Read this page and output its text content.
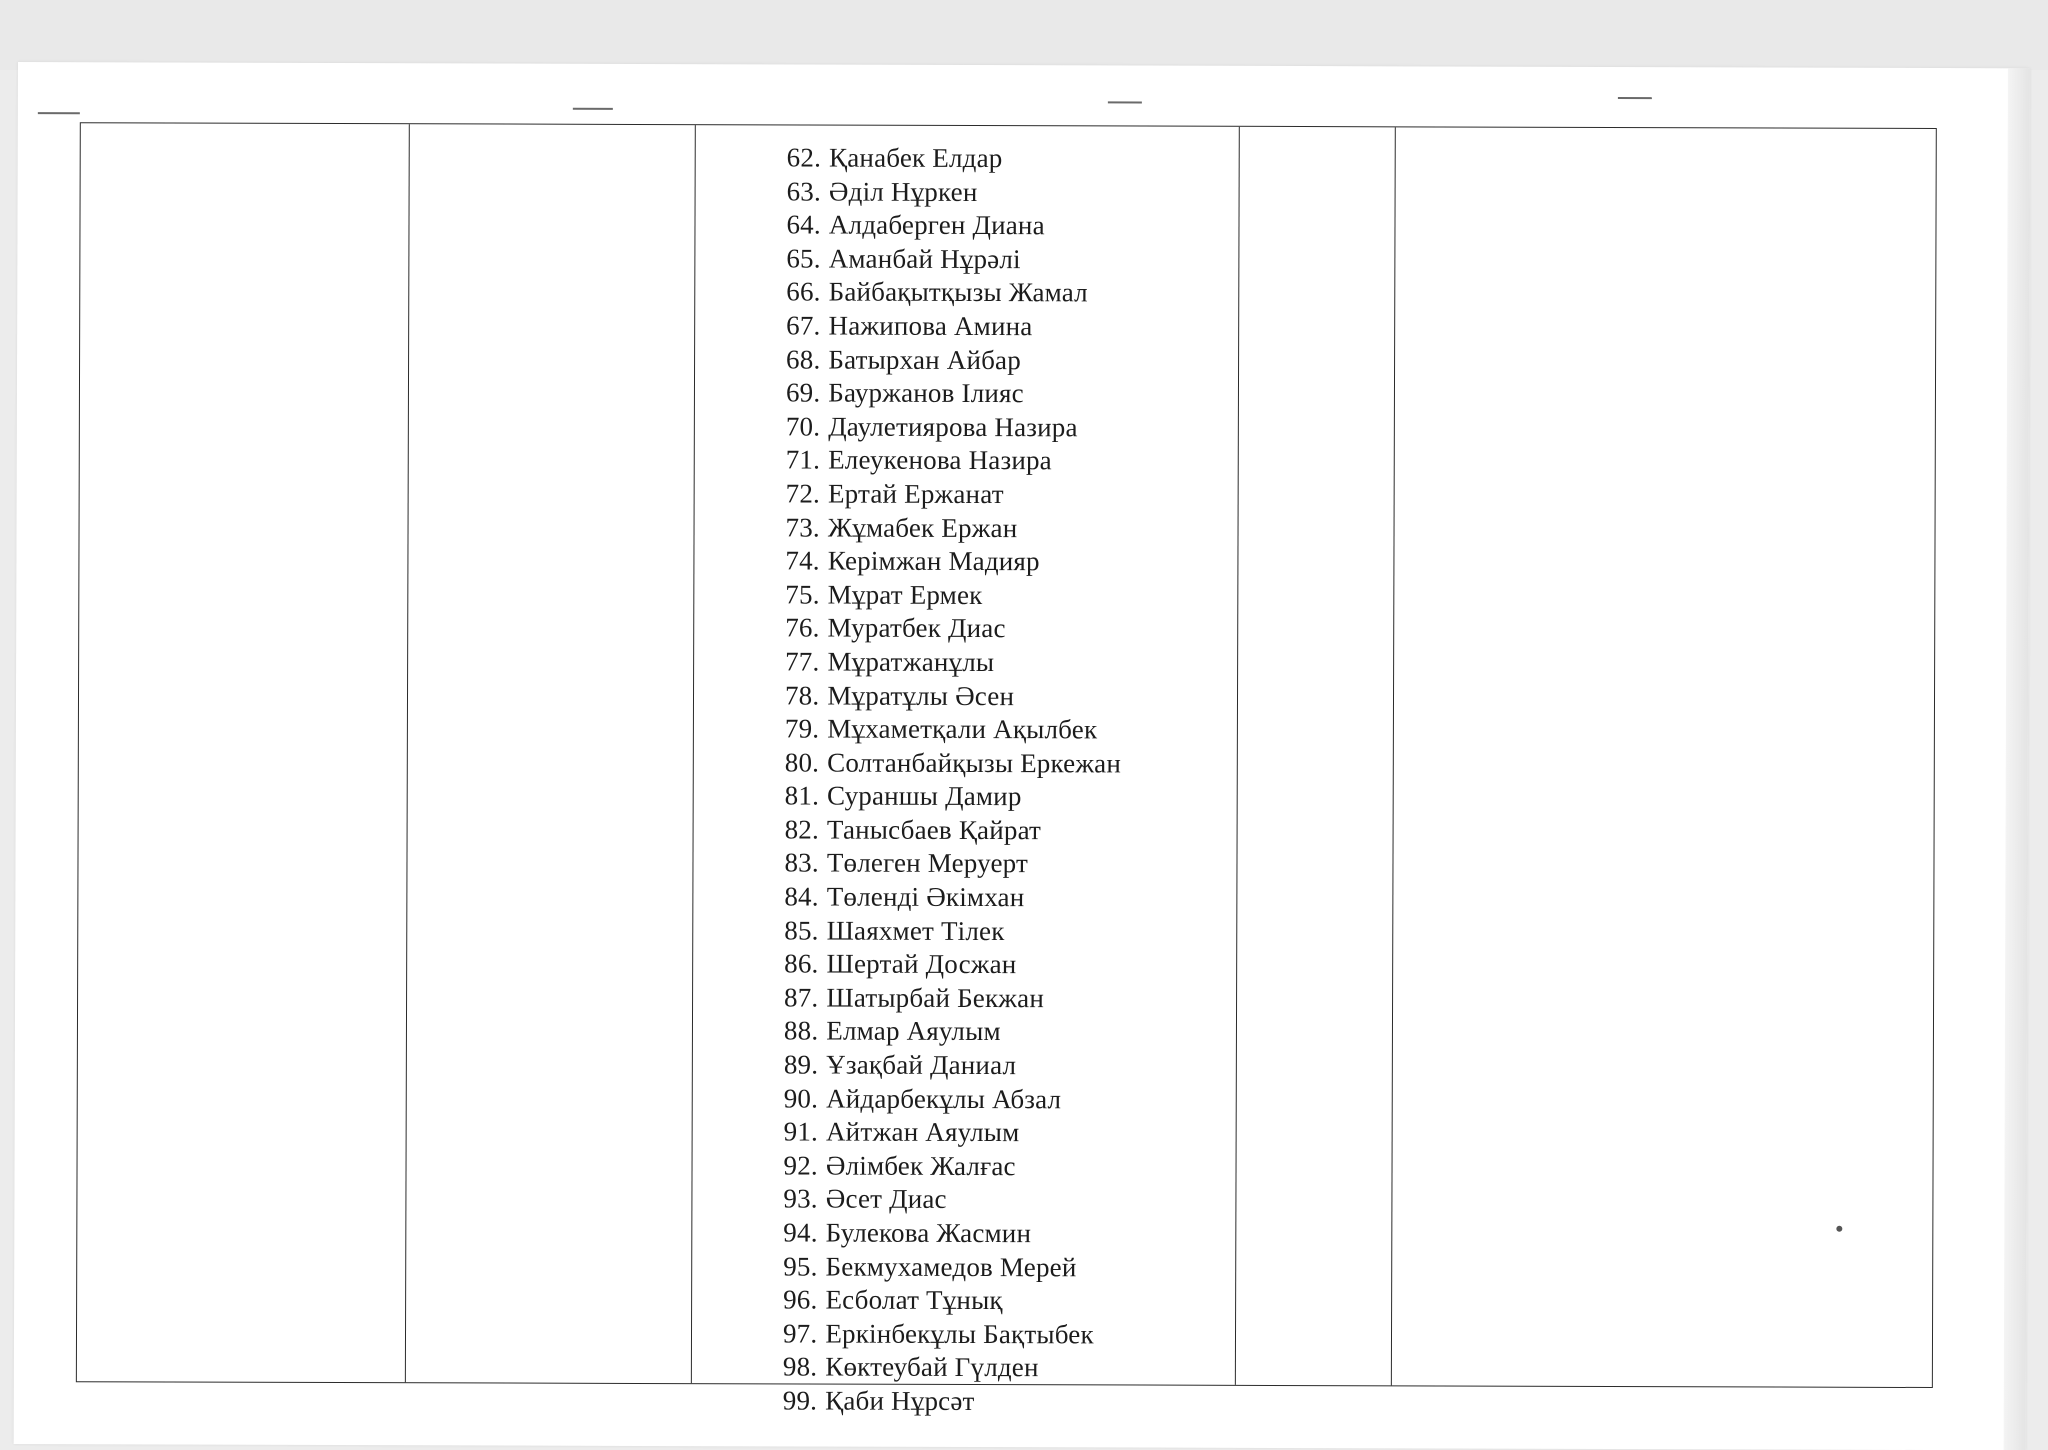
62. Қанабек Елдар
63. Әділ Нұркен
64. Алдаберген Диана
65. Аманбай Нұрәлі
66. Байбақытқызы Жамал
67. Нажипова Амина
68. Батырхан Айбар
69. Бауржанов Ілияс
70. Даулетиярова Назира
71. Елеукенова Назира
72. Ертай Ержанат
73. Жұмабек Ержан
74. Керімжан Мадияр
75. Мұрат Ермек
76. Муратбек Диас
77. Мұратжанұлы
78. Мұратұлы Әсен
79. Мұхаметқали Ақылбек
80. Солтанбайқызы Еркежан
81. Сураншы Дамир
82. Танысбаев Қайрат
83. Төлеген Меруерт
84. Төленді Әкімхан
85. Шаяхмет Тілек
86. Шертай Досжан
87. Шатырбай Бекжан
88. Елмар Аяулым
89. Ұзақбай Даниал
90. Айдарбекұлы Абзал
91. Айтжан Аяулым
92. Әлімбек Жалғас
93. Әсет Диас
94. Булекова Жасмин
95. Бекмухамедов Мерей
96. Есболат Тұнық
97. Еркінбекұлы Бақтыбек
98. Көктеубай Гүлден
99. Қаби Нұрсәт
